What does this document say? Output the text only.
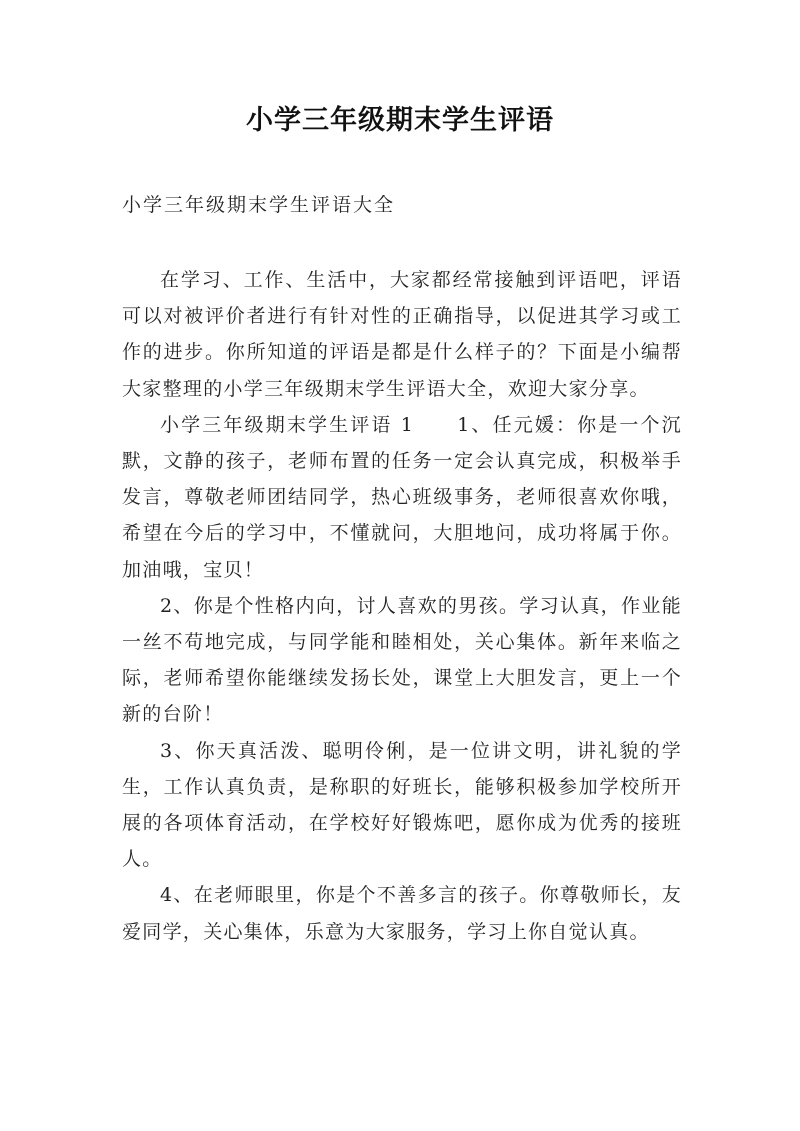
小学三年级期末学生评语
小学三年级期末学生评语大全

在学习、工作、生活中，大家都经常接触到评语吧，评语可以对被评价者进行有针对性的正确指导，以促进其学习或工作的进步。你所知道的评语是都是什么样子的？下面是小编帮大家整理的小学三年级期末学生评语大全，欢迎大家分享。

小学三年级期末学生评语 1　　1、任元媛：你是一个沉默，文静的孩子，老师布置的任务一定会认真完成，积极举手发言，尊敬老师团结同学，热心班级事务，老师很喜欢你哦，希望在今后的学习中，不懂就问，大胆地问，成功将属于你。加油哦，宝贝！

2、你是个性格内向，讨人喜欢的男孩。学习认真，作业能一丝不苟地完成，与同学能和睦相处，关心集体。新年来临之际，老师希望你能继续发扬长处，课堂上大胆发言，更上一个新的台阶！

3、你天真活泼、聪明伶俐，是一位讲文明，讲礼貌的学生，工作认真负责，是称职的好班长，能够积极参加学校所开展的各项体育活动，在学校好好锻炼吧，愿你成为优秀的接班人。

4、在老师眼里，你是个不善多言的孩子。你尊敬师长，友爱同学，关心集体，乐意为大家服务，学习上你自觉认真。
